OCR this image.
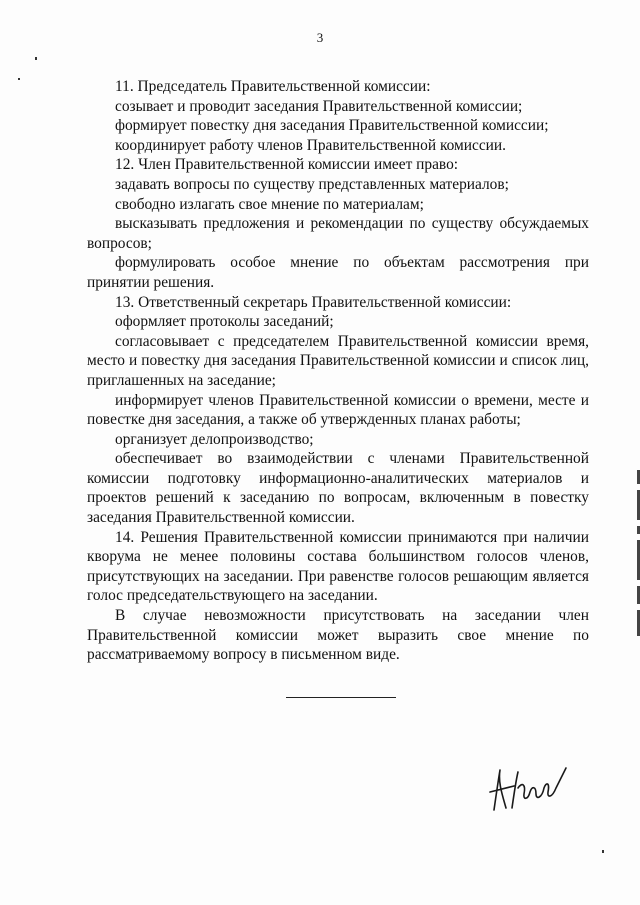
3

11. Председатель Правительственной комиссии:

созывает и проводит заседания Правительственной комиссии;

формирует повестку дня заседания Правительственной комиссии;

координирует работу членов Правительственной комиссии.

12. Член Правительственной комиссии имеет право:

задавать вопросы по существу представленных материалов;

свободно излагать свое мнение по материалам;

высказывать предложения и рекомендации по существу обсуждаемых вопросов;

формулировать особое мнение по объектам рассмотрения при принятии решения.

13. Ответственный секретарь Правительственной комиссии:

оформляет протоколы заседаний;

согласовывает с председателем Правительственной комиссии время, место и повестку дня заседания Правительственной комиссии и список лиц, приглашенных на заседание;

информирует членов Правительственной комиссии о времени, месте и повестке дня заседания, а также об утвержденных планах работы;

организует делопроизводство;

обеспечивает во взаимодействии с членами Правительственной комиссии подготовку информационно-аналитических материалов и проектов решений к заседанию по вопросам, включенным в повестку заседания Правительственной комиссии.

14. Решения Правительственной комиссии принимаются при наличии кворума не менее половины состава большинством голосов членов, присутствующих на заседании. При равенстве голосов решающим является голос председательствующего на заседании.

В случае невозможности присутствовать на заседании член Правительственной комиссии может выразить свое мнение по рассматриваемому вопросу в письменном виде.
